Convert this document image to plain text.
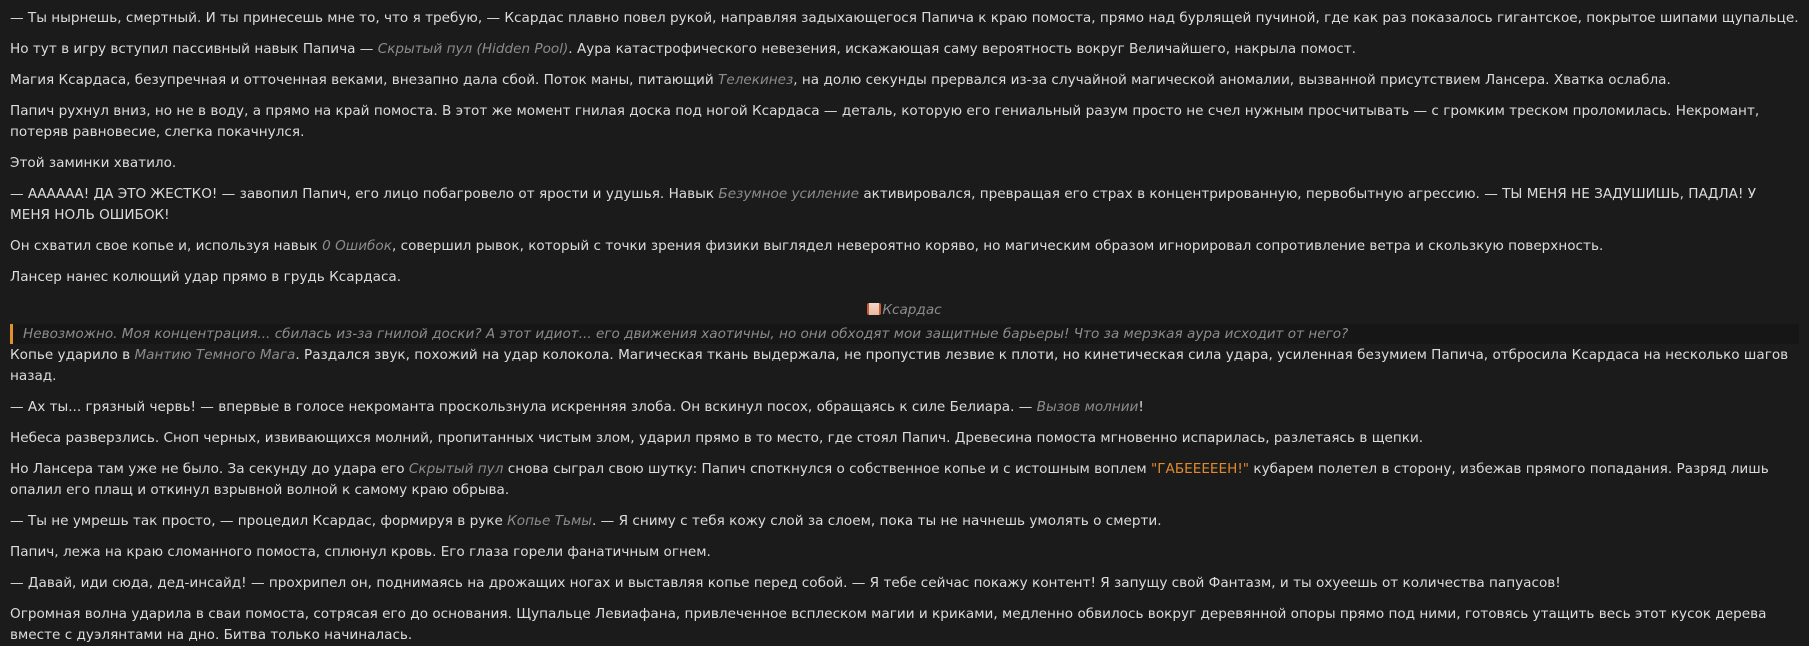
— Ты нырнешь, смертный. И ты принесешь мне то, что я требую, — Ксардас плавно повел рукой, направляя задыхающегося Папича к краю помоста, прямо над бурлящей пучиной, где как раз показалось гигантское, покрытое шипами щупальце.

Но тут в игру вступил пассивный навык Папича — Скрытый пул (Hidden Pool). Аура катастрофического невезения, искажающая саму вероятность вокруг Величайшего, накрыла помост.

Магия Ксардаса, безупречная и отточенная веками, внезапно дала сбой. Поток маны, питающий Телекинез, на долю секунды прервался из-за случайной магической аномалии, вызванной присутствием Лансера. Хватка ослабла.

Папич рухнул вниз, но не в воду, а прямо на край помоста. В этот же момент гнилая доска под ногой Ксардаса — деталь, которую его гениальный разум просто не счел нужным просчитывать — с громким треском проломилась. Некромант, потеряв равновесие, слегка покачнулся.

Этой заминки хватило.

— АААААА! ДА ЭТО ЖЕСТКО! — завопил Папич, его лицо побагровело от ярости и удушья. Навык Безумное усиление активировался, превращая его страх в концентрированную, первобытную агрессию. — ТЫ МЕНЯ НЕ ЗАДУШИШЬ, ПАДЛА! У МЕНЯ НОЛЬ ОШИБОК!

Он схватил свое копье и, используя навык 0 Ошибок, совершил рывок, который с точки зрения физики выглядел невероятно коряво, но магическим образом игнорировал сопротивление ветра и скользкую поверхность.

Лансер нанес колющий удар прямо в грудь Ксардаса.

Ксардас
Невозможно. Моя концентрация... сбилась из-за гнилой доски? А этот идиот... его движения хаотичны, но они обходят мои защитные барьеры! Что за мерзкая аура исходит от него?

Копье ударило в Мантию Темного Мага. Раздался звук, похожий на удар колокола. Магическая ткань выдержала, не пропустив лезвие к плоти, но кинетическая сила удара, усиленная безумием Папича, отбросила Ксардаса на несколько шагов назад.

— Ах ты... грязный червь! — впервые в голосе некроманта проскользнула искренняя злоба. Он вскинул посох, обращаясь к силе Белиара. — Вызов молнии!

Небеса разверзлись. Сноп черных, извивающихся молний, пропитанных чистым злом, ударил прямо в то место, где стоял Папич. Древесина помоста мгновенно испарилась, разлетаясь в щепки.

Но Лансера там уже не было. За секунду до удара его Скрытый пул снова сыграл свою шутку: Папич споткнулся о собственное копье и с истошным воплем "ГАБЕЕЕЕЕН!" кубарем полетел в сторону, избежав прямого попадания. Разряд лишь опалил его плащ и откинул взрывной волной к самому краю обрыва.

— Ты не умрешь так просто, — процедил Ксардас, формируя в руке Копье Тьмы. — Я сниму с тебя кожу слой за слоем, пока ты не начнешь умолять о смерти.

Папич, лежа на краю сломанного помоста, сплюнул кровь. Его глаза горели фанатичным огнем.

— Давай, иди сюда, дед-инсайд! — прохрипел он, поднимаясь на дрожащих ногах и выставляя копье перед собой. — Я тебе сейчас покажу контент! Я запущу свой Фантазм, и ты охуеешь от количества папуасов!

Огромная волна ударила в сваи помоста, сотрясая его до основания. Щупальце Левиафана, привлеченное всплеском магии и криками, медленно обвилось вокруг деревянной опоры прямо под ними, готовясь утащить весь этот кусок дерева вместе с дуэлянтами на дно. Битва только начиналась.
